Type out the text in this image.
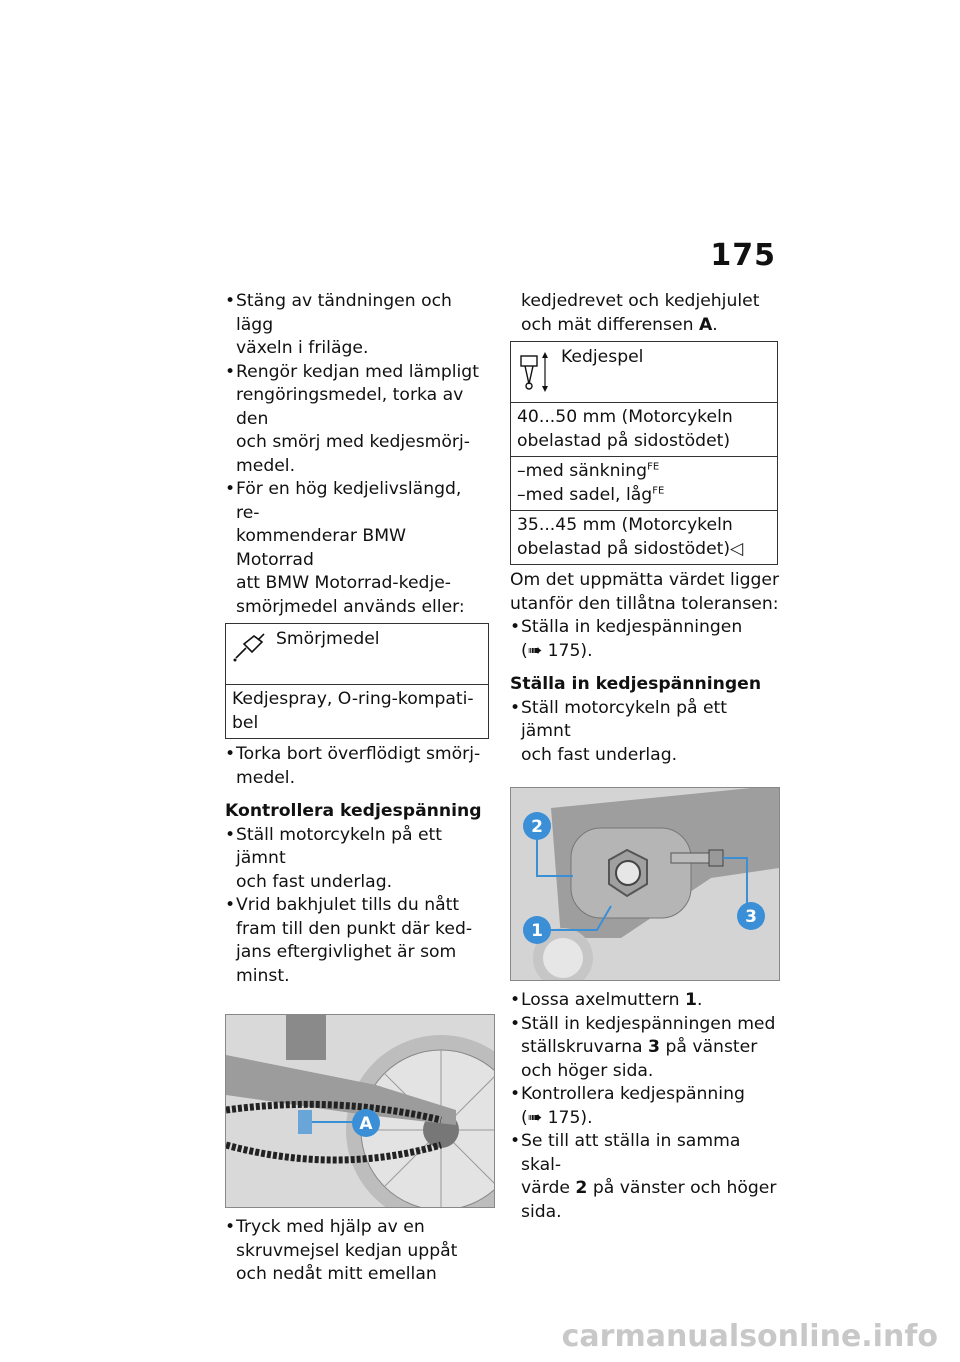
175
• Stäng av tändningen och lägg
växeln i friläge.
• Rengör kedjan med lämpligt
rengöringsmedel, torka av den
och smörj med kedjesmörj-
medel.
• För en hög kedjelivslängd, re-
kommenderar BMW Motorrad
att BMW Motorrad-kedje-
smörjmedel används eller:
Smörjmedel
Kedjespray, O-ring-kompati-
bel
• Torka bort överflödigt smörj-
medel.
Kontrollera kedjespänning
• Ställ motorcykeln på ett jämnt
och fast underlag.
• Vrid bakhjulet tills du nått
fram till den punkt där ked-
jans eftergivlighet är som
minst.
A
• Tryck med hjälp av en
skruvmejsel kedjan uppåt
och nedåt mitt emellan
kedjedrevet och kedjehjulet
och mät differensen A.
Kedjespel
40...50 mm (Motorcykeln
obelastad på sidostödet)
–med sänkning$^{FE}$
–med sadel, låg$^{FE}$
35...45 mm (Motorcykeln
obelastad på sidostödet)◁
Om det uppmätta värdet ligger
utanför den tillåtna toleransen:
• Ställa in kedjespänningen
(➠ 175).
Ställa in kedjespänningen
• Ställ motorcykeln på ett jämnt
och fast underlag.
2
1
3
• Lossa axelmuttern 1.
• Ställ in kedjespänningen med
ställskruvarna 3 på vänster
och höger sida.
• Kontrollera kedjespänning
(➠ 175).
• Se till att ställa in samma skal-
värde 2 på vänster och höger
sida.
carmanualsonline.info
